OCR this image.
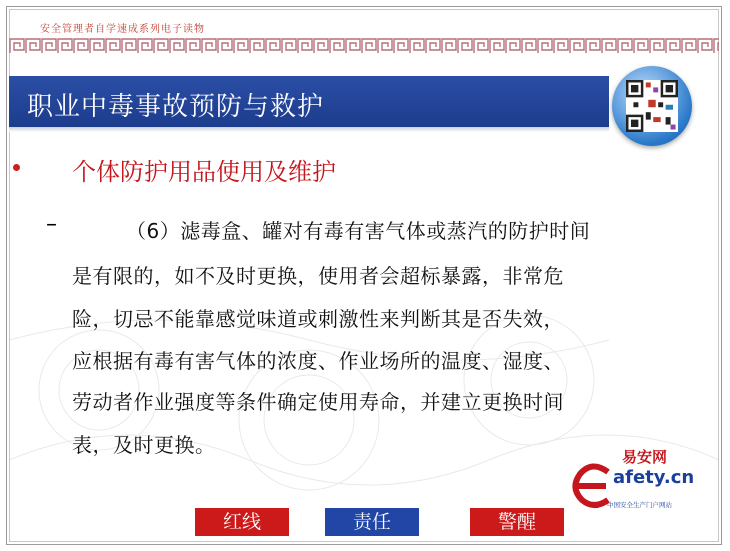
安全管理者自学速成系列电子读物
职业中毒事故预防与救护
个体防护用品使用及维护
–	（6）滤毒盒、罐对有毒有害气体或蒸汽的防护时间
是有限的，如不及时更换，使用者会超标暴露，非常危
险，切忌不能靠感觉味道或刺激性来判断其是否失效，
应根据有毒有害气体的浓度、作业场所的温度、湿度、
劳动者作业强度等条件确定使用寿命，并建立更换时间
表，及时更换。
红线	责任	警醒
易安网
afety.cn
中国安全生产门户网站
